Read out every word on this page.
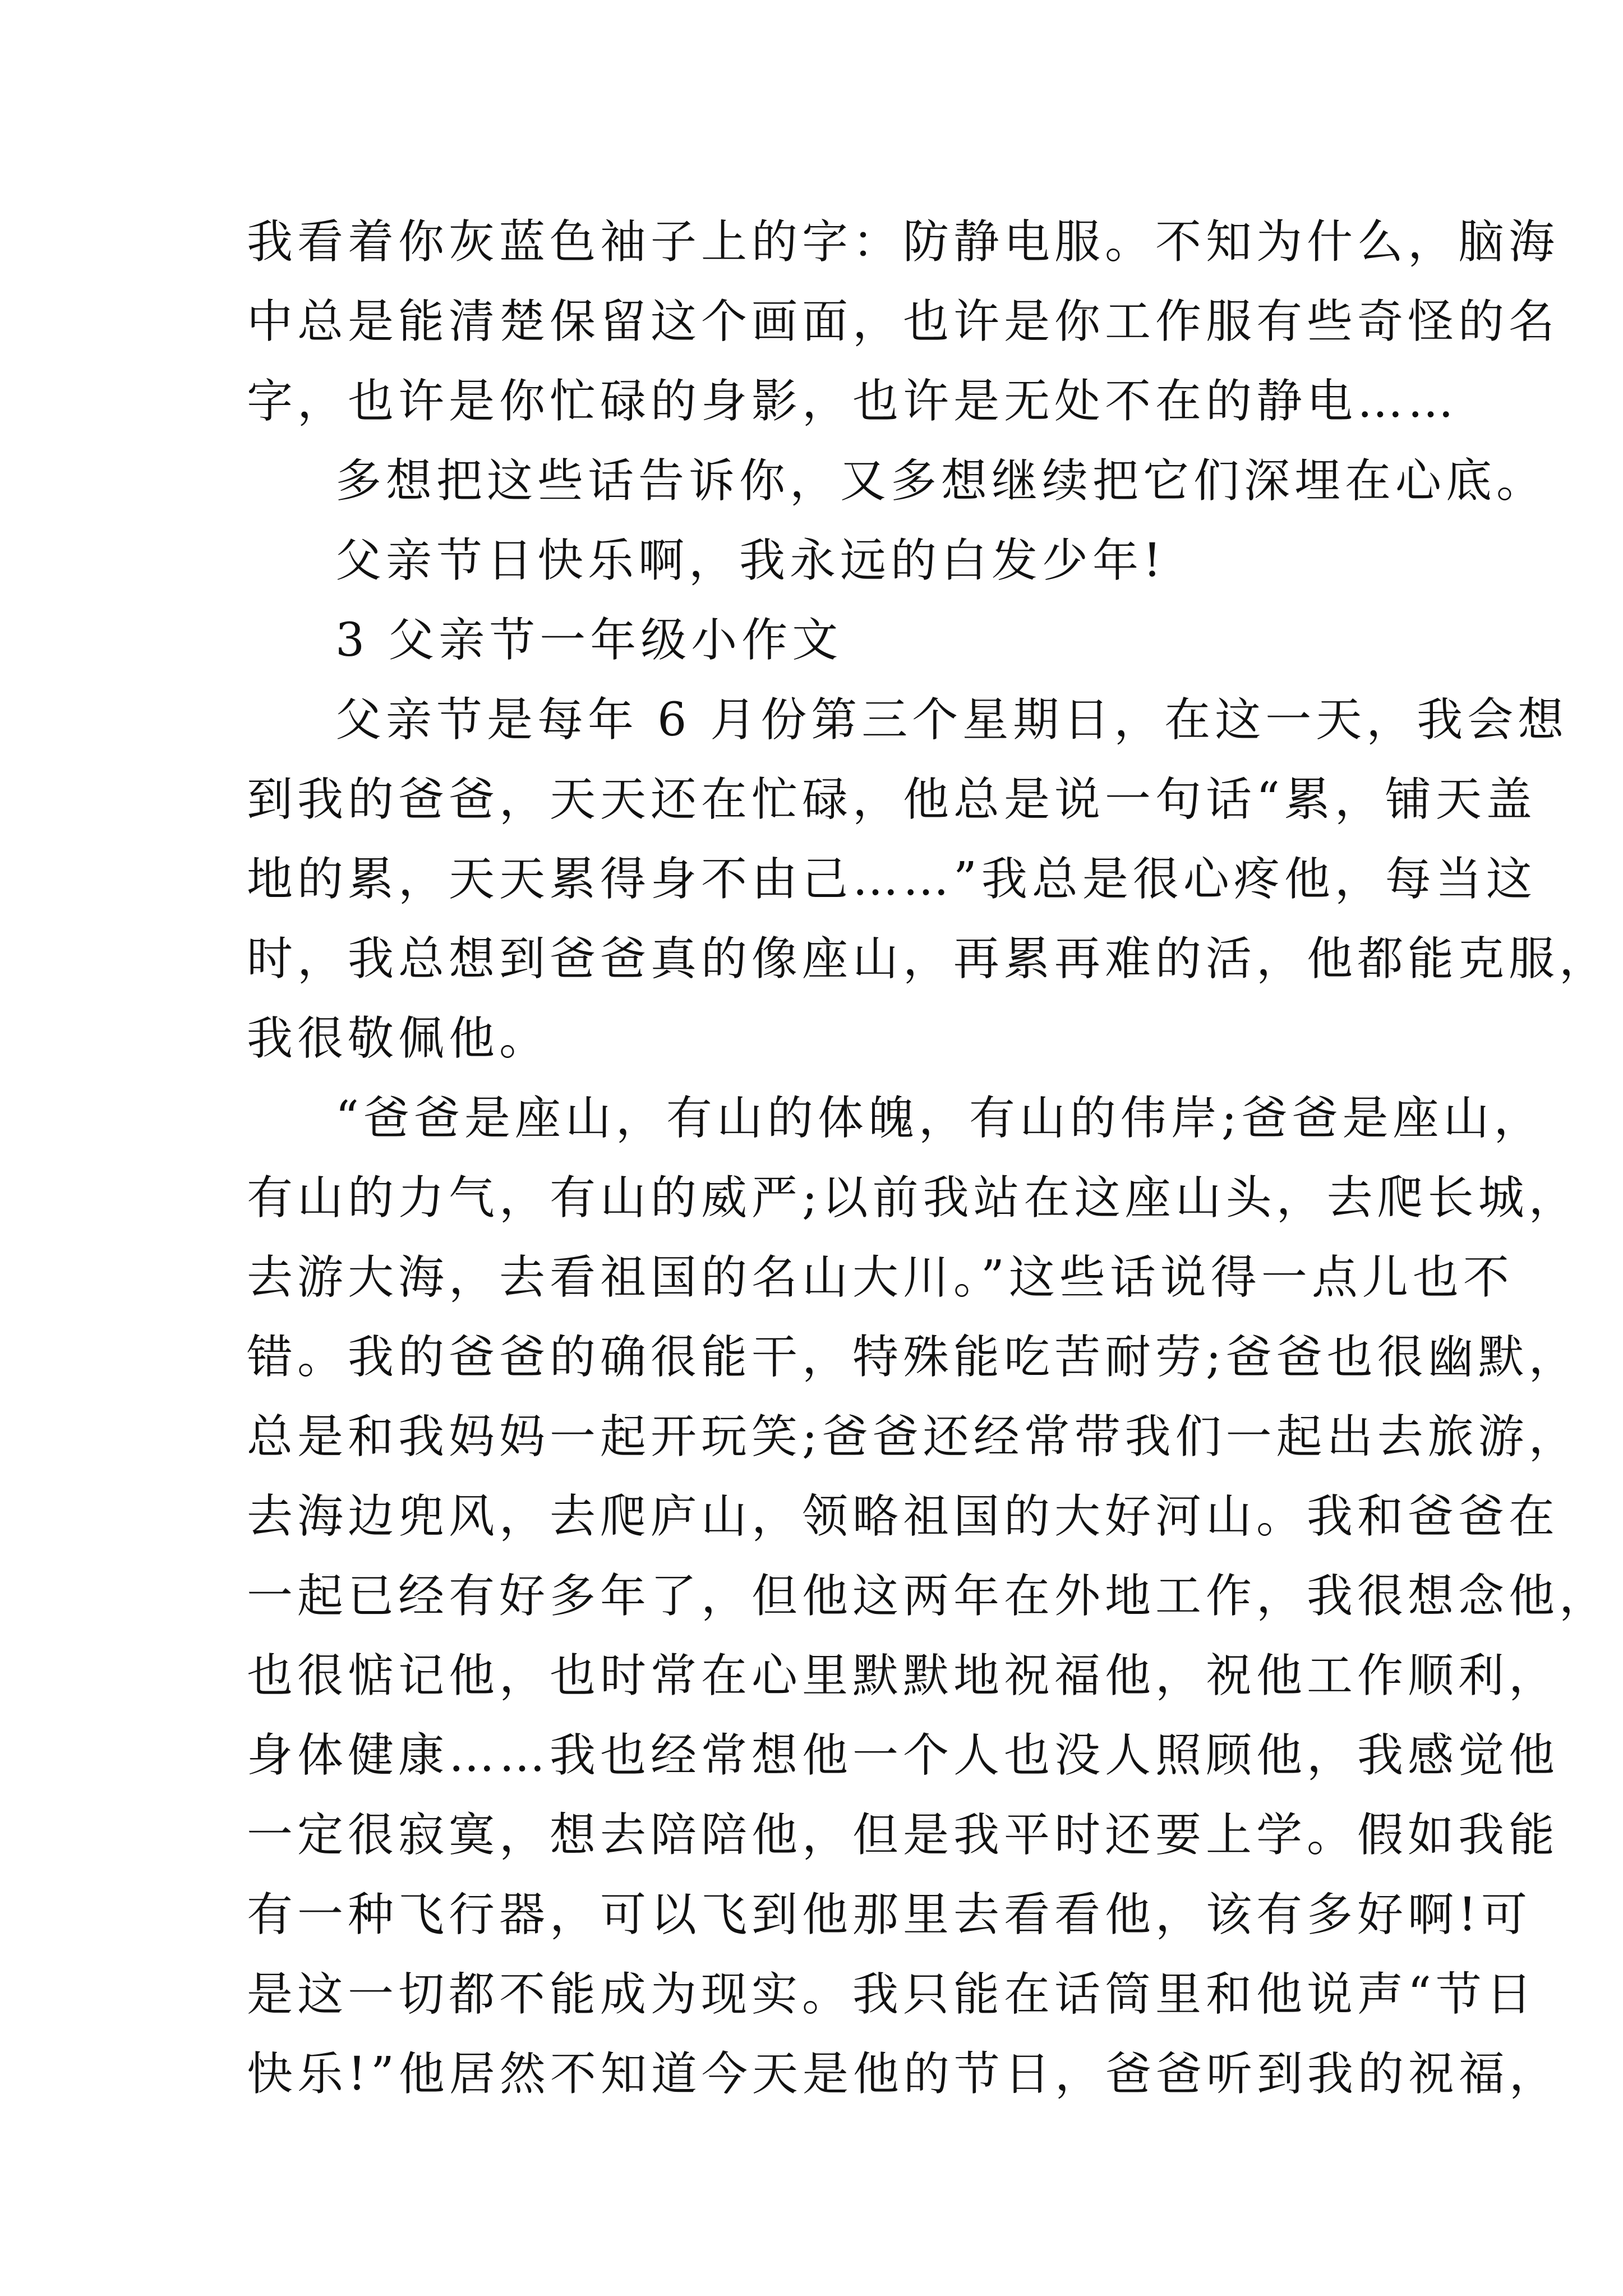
我看着你灰蓝色袖子上的字：防静电服。不知为什么，脑海
中总是能清楚保留这个画面，也许是你工作服有些奇怪的名
字，也许是你忙碌的身影，也许是无处不在的静电……
多想把这些话告诉你，又多想继续把它们深埋在心底。
父亲节日快乐啊，我永远的白发少年!
3 父亲节一年级小作文
父亲节是每年 6 月份第三个星期日，在这一天，我会想
到我的爸爸，天天还在忙碌，他总是说一句话“累，铺天盖
地的累，天天累得身不由己……”我总是很心疼他，每当这
时，我总想到爸爸真的像座山，再累再难的活，他都能克服，
我很敬佩他。
“爸爸是座山，有山的体魄，有山的伟岸;爸爸是座山，
有山的力气，有山的威严;以前我站在这座山头，去爬长城，
去游大海，去看祖国的名山大川。”这些话说得一点儿也不
错。我的爸爸的确很能干，特殊能吃苦耐劳;爸爸也很幽默，
总是和我妈妈一起开玩笑;爸爸还经常带我们一起出去旅游，
去海边兜风，去爬庐山，领略祖国的大好河山。我和爸爸在
一起已经有好多年了，但他这两年在外地工作，我很想念他，
也很惦记他，也时常在心里默默地祝福他，祝他工作顺利，
身体健康……我也经常想他一个人也没人照顾他，我感觉他
一定很寂寞，想去陪陪他，但是我平时还要上学。假如我能
有一种飞行器，可以飞到他那里去看看他，该有多好啊!可
是这一切都不能成为现实。我只能在话筒里和他说声“节日
快乐!”他居然不知道今天是他的节日，爸爸听到我的祝福，
